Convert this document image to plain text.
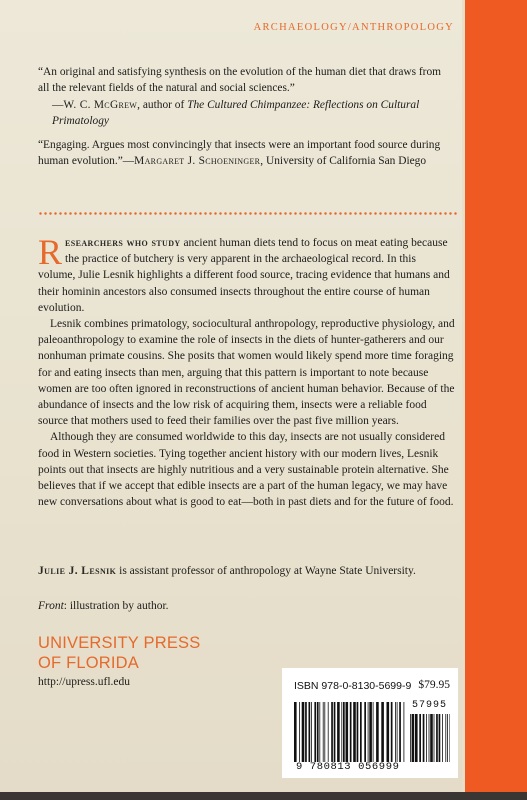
ARCHAEOLOGY/ANTHROPOLOGY
“An original and satisfying synthesis on the evolution of the human diet that draws from all the relevant fields of the natural and social sciences.”
—W. C. McGrew, author of The Cultured Chimpanzee: Reflections on Cultural Primatology
“Engaging. Argues most convincingly that insects were an important food source during human evolution.”—Margaret J. Schoeninger, University of California San Diego

Researchers who study ancient human diets tend to focus on meat eating because the practice of butchery is very apparent in the archaeological record. In this volume, Julie Lesnik highlights a different food source, tracing evidence that humans and their hominin ancestors also consumed insects throughout the entire course of human evolution.

Lesnik combines primatology, sociocultural anthropology, reproductive physiology, and paleoanthropology to examine the role of insects in the diets of hunter-gatherers and our nonhuman primate cousins. She posits that women would likely spend more time foraging for and eating insects than men, arguing that this pattern is important to note because women are too often ignored in reconstructions of ancient human behavior. Because of the abundance of insects and the low risk of acquiring them, insects were a reliable food source that mothers used to feed their families over the past five million years.

Although they are consumed worldwide to this day, insects are not usually considered food in Western societies. Tying together ancient history with our modern lives, Lesnik points out that insects are highly nutritious and a very sustainable protein alternative. She believes that if we accept that edible insects are a part of the human legacy, we may have new conversations about what is good to eat—both in past diets and for the future of food.

Julie J. Lesnik is assistant professor of anthropology at Wayne State University.
Front: illustration by author.
UNIVERSITY PRESS
OF FLORIDA
http://upress.ufl.edu	ISBN 978-0-8130-5699-9 $79.95
57995
9 780813 056999
